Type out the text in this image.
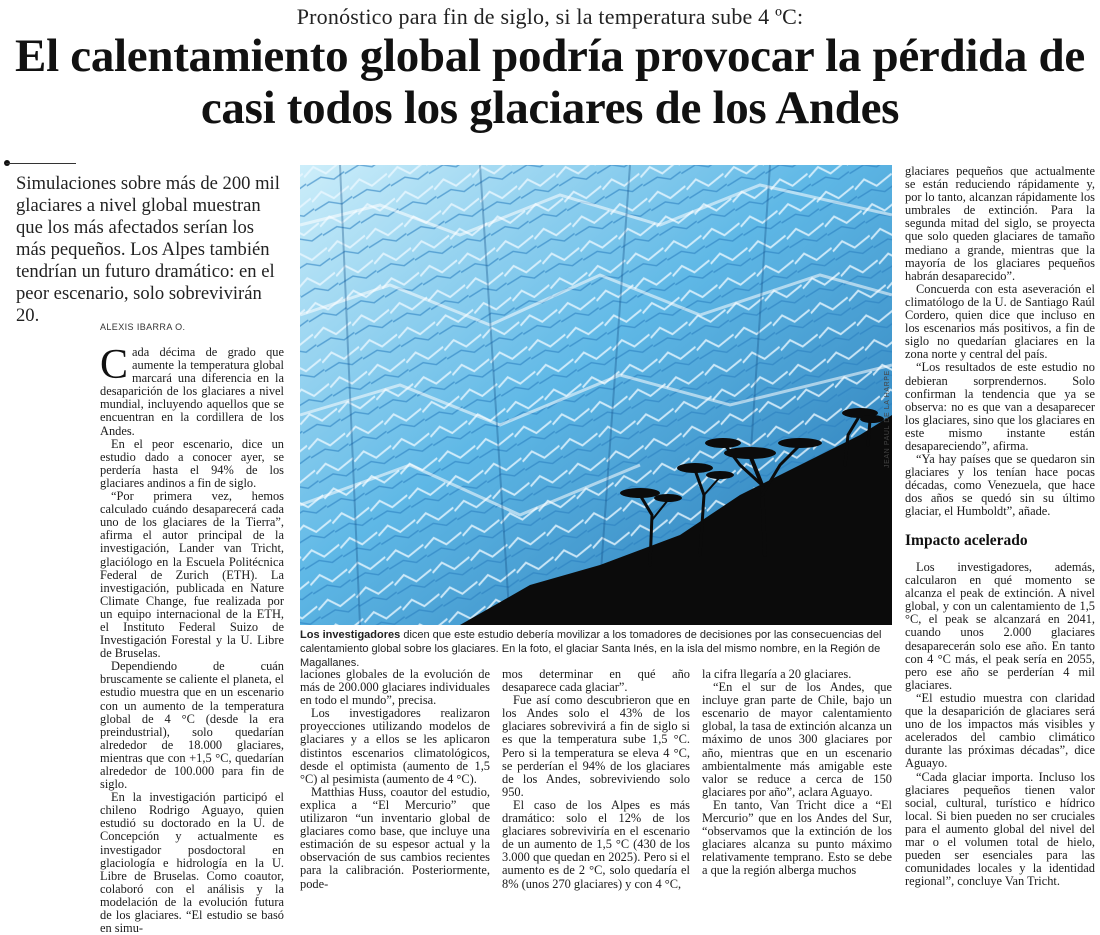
Pronóstico para fin de siglo, si la temperatura sube 4 ºC:
El calentamiento global podría provocar la pérdida de casi todos los glaciares de los Andes
Simulaciones sobre más de 200 mil glaciares a nivel global muestran que los más afectados serían los más pequeños. Los Alpes también tendrían un futuro dramático: en el peor escenario, solo sobrevivirán 20.
ALEXIS IBARRA O.

Cada décima de grado que aumente la temperatura global marcará una diferencia en la desaparición de los glaciares a nivel mundial, incluyendo aquellos que se encuentran en la cordillera de los Andes.

En el peor escenario, dice un estudio dado a conocer ayer, se perdería hasta el 94% de los glaciares andinos a fin de siglo.

“Por primera vez, hemos calculado cuándo desaparecerá cada uno de los glaciares de la Tierra”, afirma el autor principal de la investigación, Lander van Tricht, glaciólogo en la Escuela Politécnica Federal de Zurich (ETH). La investigación, publicada en Nature Climate Change, fue realizada por un equipo internacional de la ETH, el Instituto Federal Suizo de Investigación Forestal y la U. Libre de Bruselas.

Dependiendo de cuán bruscamente se caliente el planeta, el estudio muestra que en un escenario con un aumento de la temperatura global de 4 °C (desde la era preindustrial), solo quedarían alrededor de 18.000 glaciares, mientras que con +1,5 °C, quedarían alrededor de 100.000 para fin de siglo.

En la investigación participó el chileno Rodrigo Aguayo, quien estudió su doctorado en la U. de Concepción y actualmente es investigador posdoctoral en glaciología e hidrología en la U. Libre de Bruselas. Como coautor, colaboró con el análisis y la modelación de la evolución futura de los glaciares. “El estudio se basó en simu-

JEAN PAUL DE LA HARPE
Los investigadores dicen que este estudio debería movilizar a los tomadores de decisiones por las consecuencias del calentamiento global sobre los glaciares. En la foto, el glaciar Santa Inés, en la isla del mismo nombre, en la Región de Magallanes.

laciones globales de la evolución de más de 200.000 glaciares individuales en todo el mundo”, precisa.

Los investigadores realizaron proyecciones utilizando modelos de glaciares y a ellos se les aplicaron distintos escenarios climatológicos, desde el optimista (aumento de 1,5 °C) al pesimista (aumento de 4 °C).

Matthias Huss, coautor del estudio, explica a “El Mercurio” que utilizaron “un inventario global de glaciares como base, que incluye una estimación de su espesor actual y la observación de sus cambios recientes para la calibración. Posteriormente, pode-

mos determinar en qué año desaparece cada glaciar”.

Fue así como descubrieron que en los Andes solo el 43% de los glaciares sobrevivirá a fin de siglo si es que la temperatura sube 1,5 °C. Pero si la temperatura se eleva 4 °C, se perderían el 94% de los glaciares de los Andes, sobreviviendo solo 950.

El caso de los Alpes es más dramático: solo el 12% de los glaciares sobreviviría en el escenario de un aumento de 1,5 °C (430 de los 3.000 que quedan en 2025). Pero si el aumento es de 2 °C, solo quedaría el 8% (unos 270 glaciares) y con 4 °C,

la cifra llegaría a 20 glaciares.

“En el sur de los Andes, que incluye gran parte de Chile, bajo un escenario de mayor calentamiento global, la tasa de extinción alcanza un máximo de unos 300 glaciares por año, mientras que en un escenario ambientalmente más amigable este valor se reduce a cerca de 150 glaciares por año”, aclara Aguayo.

En tanto, Van Tricht dice a “El Mercurio” que en los Andes del Sur, “observamos que la extinción de los glaciares alcanza su punto máximo relativamente temprano. Esto se debe a que la región alberga muchos

glaciares pequeños que actualmente se están reduciendo rápidamente y, por lo tanto, alcanzan rápidamente los umbrales de extinción. Para la segunda mitad del siglo, se proyecta que solo queden glaciares de tamaño mediano a grande, mientras que la mayoría de los glaciares pequeños habrán desaparecido”.

Concuerda con esta aseveración el climatólogo de la U. de Santiago Raúl Cordero, quien dice que incluso en los escenarios más positivos, a fin de siglo no quedarían glaciares en la zona norte y central del país.

“Los resultados de este estudio no debieran sorprendernos. Solo confirman la tendencia que ya se observa: no es que van a desaparecer los glaciares, sino que los glaciares en este mismo instante están desapareciendo”, afirma.

“Ya hay países que se quedaron sin glaciares y los tenían hace pocas décadas, como Venezuela, que hace dos años se quedó sin su último glaciar, el Humboldt”, añade.

Impacto acelerado

Los investigadores, además, calcularon en qué momento se alcanza el peak de extinción. A nivel global, y con un calentamiento de 1,5 °C, el peak se alcanzará en 2041, cuando unos 2.000 glaciares desaparecerán solo ese año. En tanto con 4 °C más, el peak sería en 2055, pero ese año se perderían 4 mil glaciares.

“El estudio muestra con claridad que la desaparición de glaciares será uno de los impactos más visibles y acelerados del cambio climático durante las próximas décadas”, dice Aguayo.

“Cada glaciar importa. Incluso los glaciares pequeños tienen valor social, cultural, turístico e hídrico local. Si bien pueden no ser cruciales para el aumento global del nivel del mar o el volumen total de hielo, pueden ser esenciales para las comunidades locales y la identidad regional”, concluye Van Tricht.
